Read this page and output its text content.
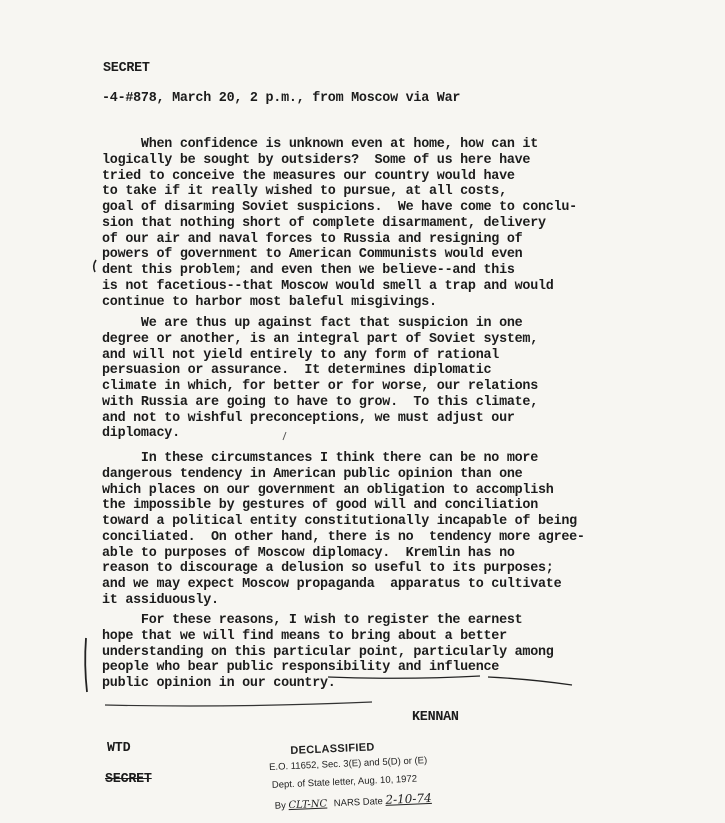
SECRET
-4-#878, March 20, 2 p.m., from Moscow via War
When confidence is unknown even at home, how can it
logically be sought by outsiders?  Some of us here have
tried to conceive the measures our country would have
to take if it really wished to pursue, at all costs,
goal of disarming Soviet suspicions.  We have come to conclu-
sion that nothing short of complete disarmament, delivery
of our air and naval forces to Russia and resigning of
powers of government to American Communists would even
dent this problem; and even then we believe--and this
is not facetious--that Moscow would smell a trap and would
continue to harbor most baleful misgivings.
We are thus up against fact that suspicion in one
degree or another, is an integral part of Soviet system,
and will not yield entirely to any form of rational
persuasion or assurance.  It determines diplomatic
climate in which, for better or for worse, our relations
with Russia are going to have to grow.  To this climate,
and not to wishful preconceptions, we must adjust our
diplomacy.
In these circumstances I think there can be no more
dangerous tendency in American public opinion than one
which places on our government an obligation to accomplish
the impossible by gestures of good will and conciliation
toward a political entity constitutionally incapable of being
conciliated.  On other hand, there is no  tendency more agree-
able to purposes of Moscow diplomacy.  Kremlin has no
reason to discourage a delusion so useful to its purposes;
and we may expect Moscow propaganda  apparatus to cultivate
it assiduously.
For these reasons, I wish to register the earnest
hope that we will find means to bring about a better
understanding on this particular point, particularly among
people who bear public responsibility and influence
public opinion in our country.
KENNAN
WTD
SECRET
DECLASSIFIED
E.O. 11652, Sec. 3(E) and 5(D) or (E)
Dept. of State letter, Aug. 10, 1972
By CLT-NC NARS Date 2-10-74
